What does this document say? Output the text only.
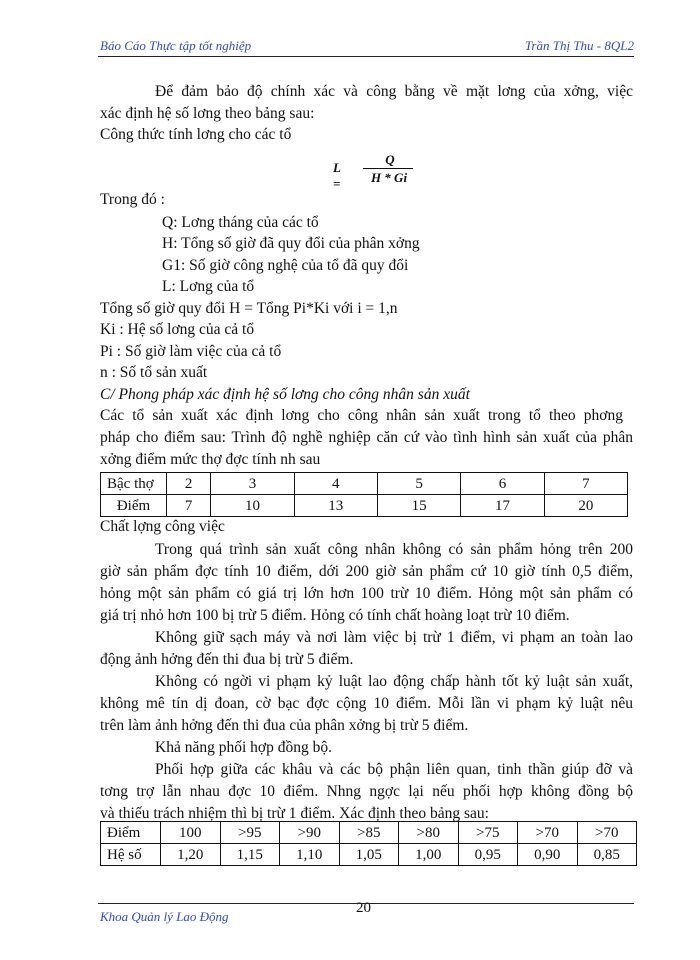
Báo Cáo Thực tập tốt nghiệp	Trần Thị Thu - 8QL2
Để đảm bảo độ chính xác và công bằng về mặt lơng của xởng, việc
xác định hệ số lơng theo bảng sau:
Công thức tính lơng cho các tổ
L =
Q
H * Gi
Trong đó :
Q: Lơng tháng của các tổ
H: Tổng số giờ đã quy đổi của phân xởng
G1: Số giờ công nghệ của tổ đã quy đổi
L: Lơng của tổ
Tổng số giờ quy đổi H = Tổng Pi*Ki với i = 1,n
Ki : Hệ số lơng của cả tổ
Pi : Số giờ làm việc của cả tổ
n : Số tổ sản xuất
C/ Phong pháp xác định hệ số lơng cho công nhân sản xuất
Các tổ sản xuất xác định lơng cho công nhân sản xuất trong tổ theo phơng
pháp cho điểm sau: Trình độ nghề nghiệp căn cứ vào tình hình sản xuất của phân
xởng điểm mức thợ đợc tính nh sau
Bậc thợ	2	3	4	5	6	7
Điểm	7	10	13	15	17	20
Chất lợng công việc
Trong quá trình sản xuất công nhân không có sản phẩm hỏng trên 200
giờ sản phẩm đợc tính 10 điểm, dới 200 giờ sản phẩm cứ 10 giờ tính 0,5 điểm,
hỏng một sản phẩm có giá trị lớn hơn 100 trừ 10 điểm. Hỏng một sản phẩm có
giá trị nhỏ hơn 100 bị trừ 5 điểm. Hỏng có tính chất hoàng loạt trừ 10 điểm.
Không giữ sạch máy và nơi làm việc bị trừ 1 điểm, vi phạm an toàn lao
động ảnh hởng đến thi đua bị trừ 5 điểm.
Không có ngời vi phạm kỷ luật lao động chấp hành tốt kỷ luật sản xuất,
không mê tín dị đoan, cờ bạc đợc cộng 10 điểm. Mỗi lần vi phạm kỷ luật nêu
trên làm ảnh hởng đến thi đua của phân xởng bị trừ 5 điểm.
Khả năng phối hợp đồng bộ.
Phối hợp giữa các khâu và các bộ phận liên quan, tinh thần giúp đỡ và
tơng trợ lẫn nhau đợc 10 điểm. Nhng ngợc lại nếu phối hợp không đồng bộ
và thiếu trách nhiệm thì bị trừ 1 điểm. Xác định theo bảng sau:
Điểm	100	>95	>90	>85	>80	>75	>70	>70
Hệ số	1,20	1,15	1,10	1,05	1,00	0,95	0,90	0,85
20
Khoa Quản lý Lao Động
